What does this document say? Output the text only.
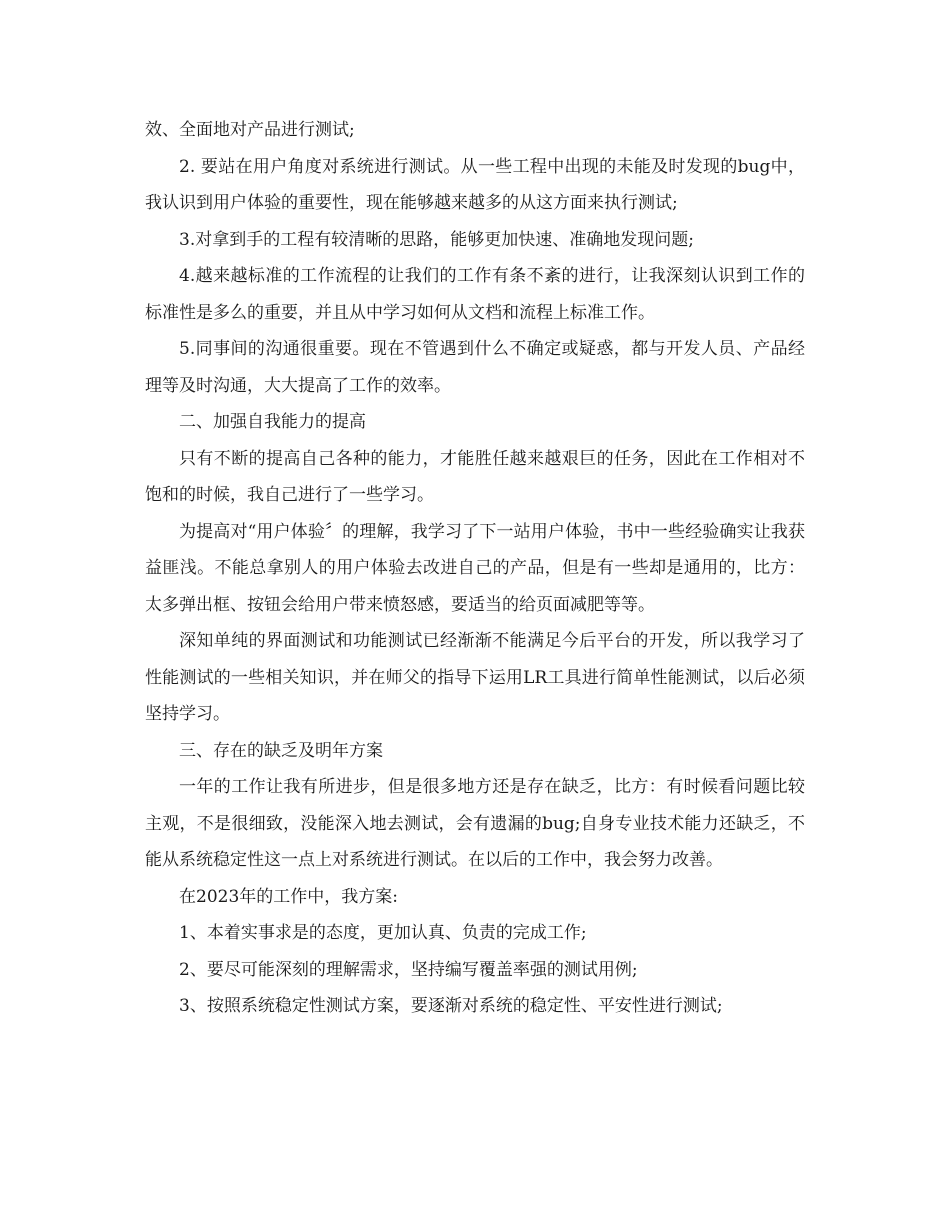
效、全面地对产品进行测试;

2. 要站在用户角度对系统进行测试。从一些工程中出现的未能及时发现的bug中，我认识到用户体验的重要性，现在能够越来越多的从这方面来执行测试;

3.对拿到手的工程有较清晰的思路，能够更加快速、准确地发现问题;

4.越来越标准的工作流程的让我们的工作有条不紊的进行，让我深刻认识到工作的标准性是多么的重要，并且从中学习如何从文档和流程上标准工作。

5.同事间的沟通很重要。现在不管遇到什么不确定或疑惑，都与开发人员、产品经理等及时沟通，大大提高了工作的效率。

二、加强自我能力的提高

只有不断的提高自己各种的能力，才能胜任越来越艰巨的任务，因此在工作相对不饱和的时候，我自己进行了一些学习。

为提高对“用户体验〞的理解，我学习了下一站用户体验，书中一些经验确实让我获益匪浅。不能总拿别人的用户体验去改进自己的产品，但是有一些却是通用的，比方：太多弹出框、按钮会给用户带来愤怒感，要适当的给页面减肥等等。

深知单纯的界面测试和功能测试已经渐渐不能满足今后平台的开发，所以我学习了性能测试的一些相关知识，并在师父的指导下运用LR工具进行简单性能测试，以后必须坚持学习。

三、存在的缺乏及明年方案

一年的工作让我有所进步，但是很多地方还是存在缺乏，比方：有时候看问题比较主观，不是很细致，没能深入地去测试，会有遗漏的bug;自身专业技术能力还缺乏，不能从系统稳定性这一点上对系统进行测试。在以后的工作中，我会努力改善。

在2023年的工作中，我方案:

1、本着实事求是的态度，更加认真、负责的完成工作;

2、要尽可能深刻的理解需求，坚持编写覆盖率强的测试用例;

3、按照系统稳定性测试方案，要逐渐对系统的稳定性、平安性进行测试;
